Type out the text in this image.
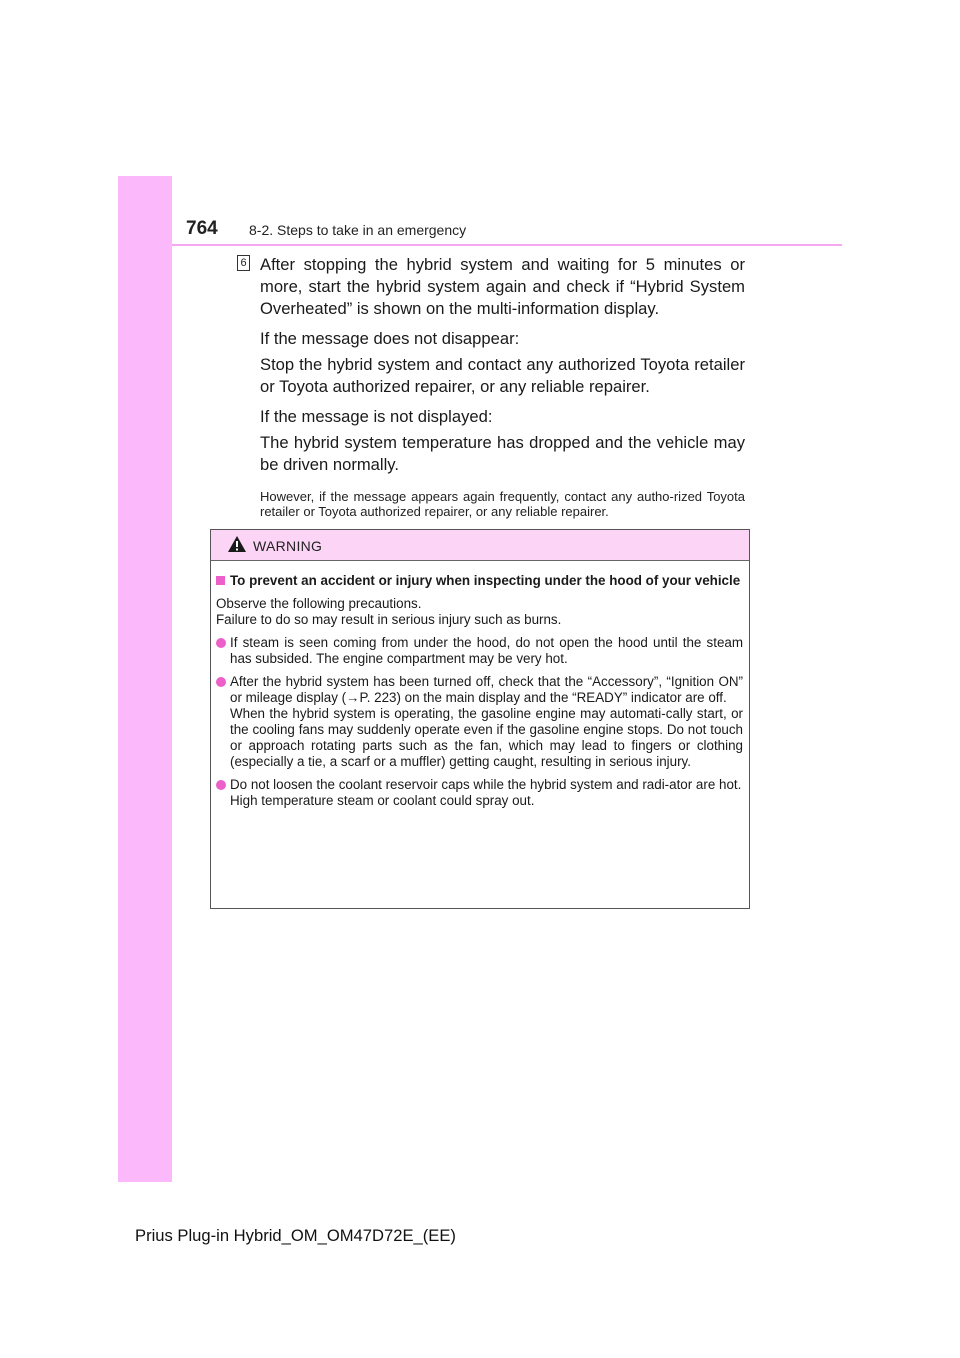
764 8-2. Steps to take in an emergency
6 After stopping the hybrid system and waiting for 5 minutes or more, start the hybrid system again and check if “Hybrid System Overheated” is shown on the multi-information display.

If the message does not disappear:

Stop the hybrid system and contact any authorized Toyota retailer or Toyota authorized repairer, or any reliable repairer.

If the message is not displayed:

The hybrid system temperature has dropped and the vehicle may be driven normally.

However, if the message appears again frequently, contact any autho-rized Toyota retailer or Toyota authorized repairer, or any reliable repairer.
WARNING
To prevent an accident or injury when inspecting under the hood of your vehicle
Observe the following precautions.
Failure to do so may result in serious injury such as burns.
If steam is seen coming from under the hood, do not open the hood until the steam has subsided. The engine compartment may be very hot.
After the hybrid system has been turned off, check that the “Accessory”, “Ignition ON” or mileage display (→P. 223) on the main display and the “READY” indicator are off.
When the hybrid system is operating, the gasoline engine may automati-cally start, or the cooling fans may suddenly operate even if the gasoline engine stops. Do not touch or approach rotating parts such as the fan, which may lead to fingers or clothing (especially a tie, a scarf or a muffler) getting caught, resulting in serious injury.
Do not loosen the coolant reservoir caps while the hybrid system and radi-ator are hot.
High temperature steam or coolant could spray out.
Prius Plug-in Hybrid_OM_OM47D72E_(EE)
